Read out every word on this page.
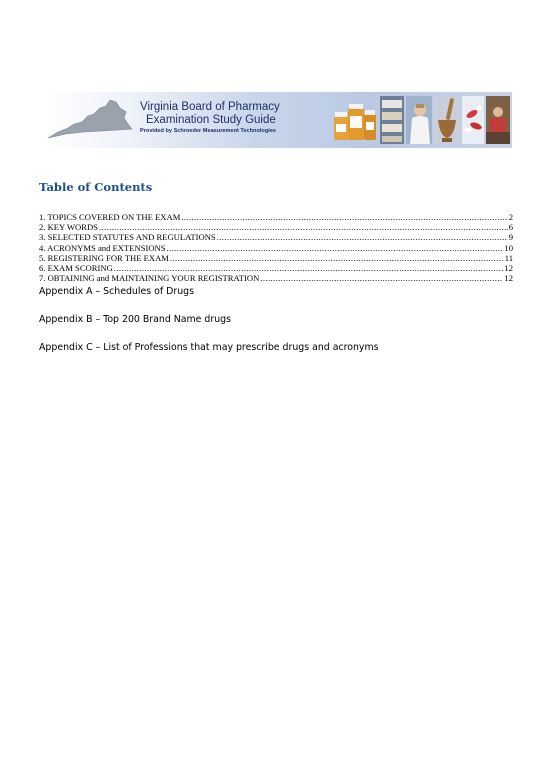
Virginia Board of Pharmacy
Examination Study Guide
Provided by Schroeder Measurement Technologies
Table of Contents
1. TOPICS COVERED ON THE EXAM .....	2
2. KEY WORDS .....	6
3. SELECTED STATUTES AND REGULATIONS .....	9
4. ACRONYMS and EXTENSIONS .....	10
5. REGISTERING FOR THE EXAM .....	11
6. EXAM SCORING .....	12
7. OBTAINING and MAINTAINING YOUR REGISTRATION .....	12
Appendix A – Schedules of Drugs
Appendix B – Top 200 Brand Name drugs
Appendix C – List of Professions that may prescribe drugs and acronyms
